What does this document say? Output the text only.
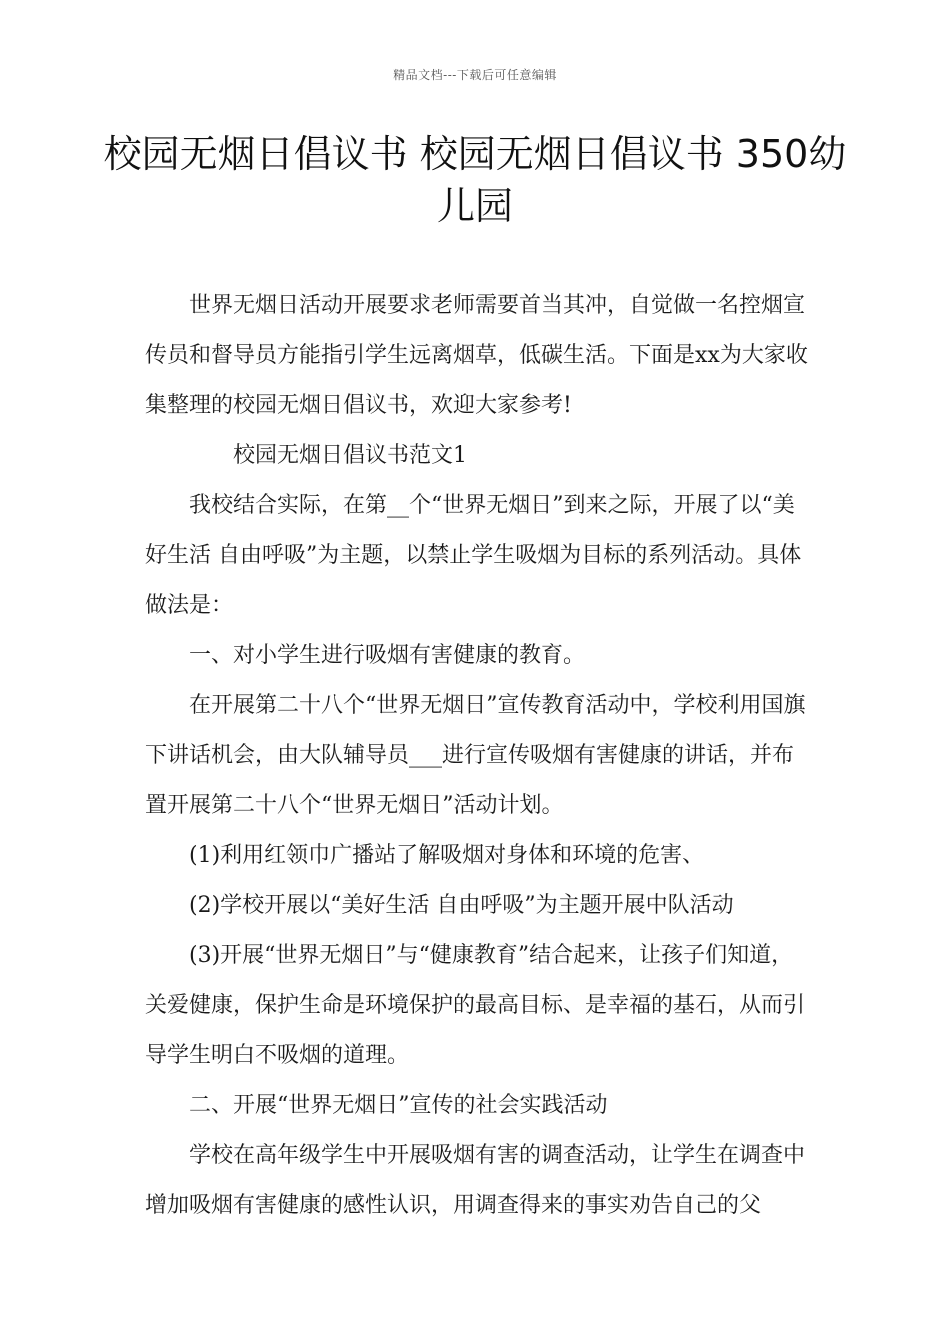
精品文档---下载后可任意编辑
校园无烟日倡议书 校园无烟日倡议书 350幼儿园

世界无烟日活动开展要求老师需要首当其冲，自觉做一名控烟宣传员和督导员方能指引学生远离烟草，低碳生活。下面是xx为大家收集整理的校园无烟日倡议书，欢迎大家参考!

校园无烟日倡议书范文1

我校结合实际，在第__个“世界无烟日”到来之际，开展了以“美好生活 自由呼吸”为主题，以禁止学生吸烟为目标的系列活动。具体做法是：

一、对小学生进行吸烟有害健康的教育。

在开展第二十八个“世界无烟日”宣传教育活动中，学校利用国旗下讲话机会，由大队辅导员___进行宣传吸烟有害健康的讲话，并布置开展第二十八个“世界无烟日”活动计划。

(1)利用红领巾广播站了解吸烟对身体和环境的危害、

(2)学校开展以“美好生活 自由呼吸”为主题开展中队活动

(3)开展“世界无烟日”与“健康教育”结合起来，让孩子们知道，关爱健康，保护生命是环境保护的最高目标、是幸福的基石，从而引导学生明白不吸烟的道理。

二、开展“世界无烟日”宣传的社会实践活动

学校在高年级学生中开展吸烟有害的调查活动，让学生在调查中增加吸烟有害健康的感性认识，用调查得来的事实劝告自己的父
